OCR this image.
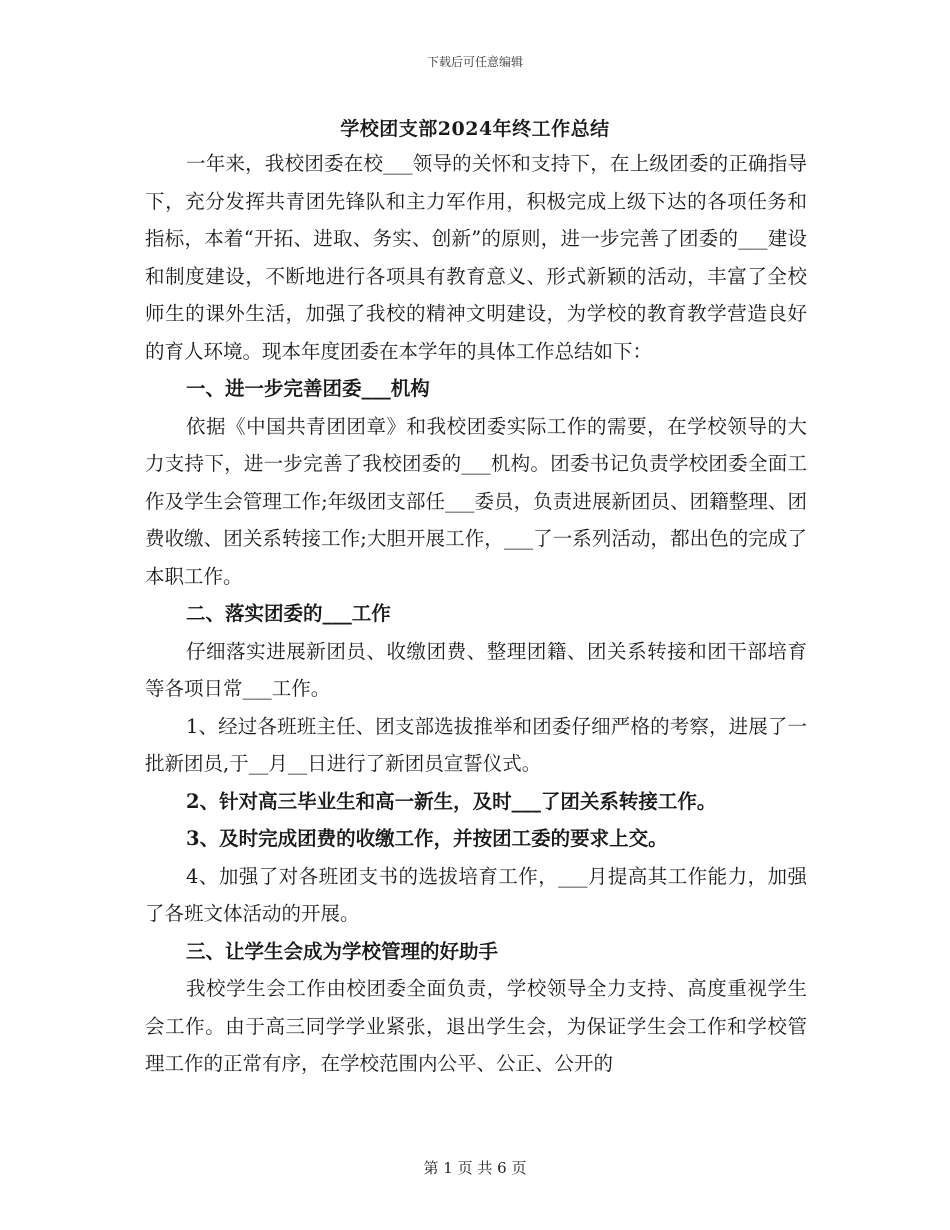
下载后可任意编辑
学校团支部2024年终工作总结

一年来，我校团委在校___领导的关怀和支持下，在上级团委的正确指导下，充分发挥共青团先锋队和主力军作用，积极完成上级下达的各项任务和指标，本着“开拓、进取、务实、创新”的原则，进一步完善了团委的___建设和制度建设，不断地进行各项具有教育意义、形式新颖的活动，丰富了全校师生的课外生活，加强了我校的精神文明建设，为学校的教育教学营造良好的育人环境。现本年度团委在本学年的具体工作总结如下：

一、进一步完善团委___机构

依据《中国共青团团章》和我校团委实际工作的需要，在学校领导的大力支持下，进一步完善了我校团委的___机构。团委书记负责学校团委全面工作及学生会管理工作;年级团支部任___委员，负责进展新团员、团籍整理、团费收缴、团关系转接工作;大胆开展工作，___了一系列活动，都出色的完成了本职工作。

二、落实团委的___工作

仔细落实进展新团员、收缴团费、整理团籍、团关系转接和团干部培育等各项日常___工作。

1、经过各班班主任、团支部选拔推举和团委仔细严格的考察，进展了一批新团员,于__月__日进行了新团员宣誓仪式。

2、针对高三毕业生和高一新生，及时___了团关系转接工作。

3、及时完成团费的收缴工作，并按团工委的要求上交。

4、加强了对各班团支书的选拔培育工作，___月提高其工作能力，加强了各班文体活动的开展。

三、让学生会成为学校管理的好助手

我校学生会工作由校团委全面负责，学校领导全力支持、高度重视学生会工作。由于高三同学学业紧张，退出学生会，为保证学生会工作和学校管理工作的正常有序，在学校范围内公平、公正、公开的

第 1 页 共 6 页
